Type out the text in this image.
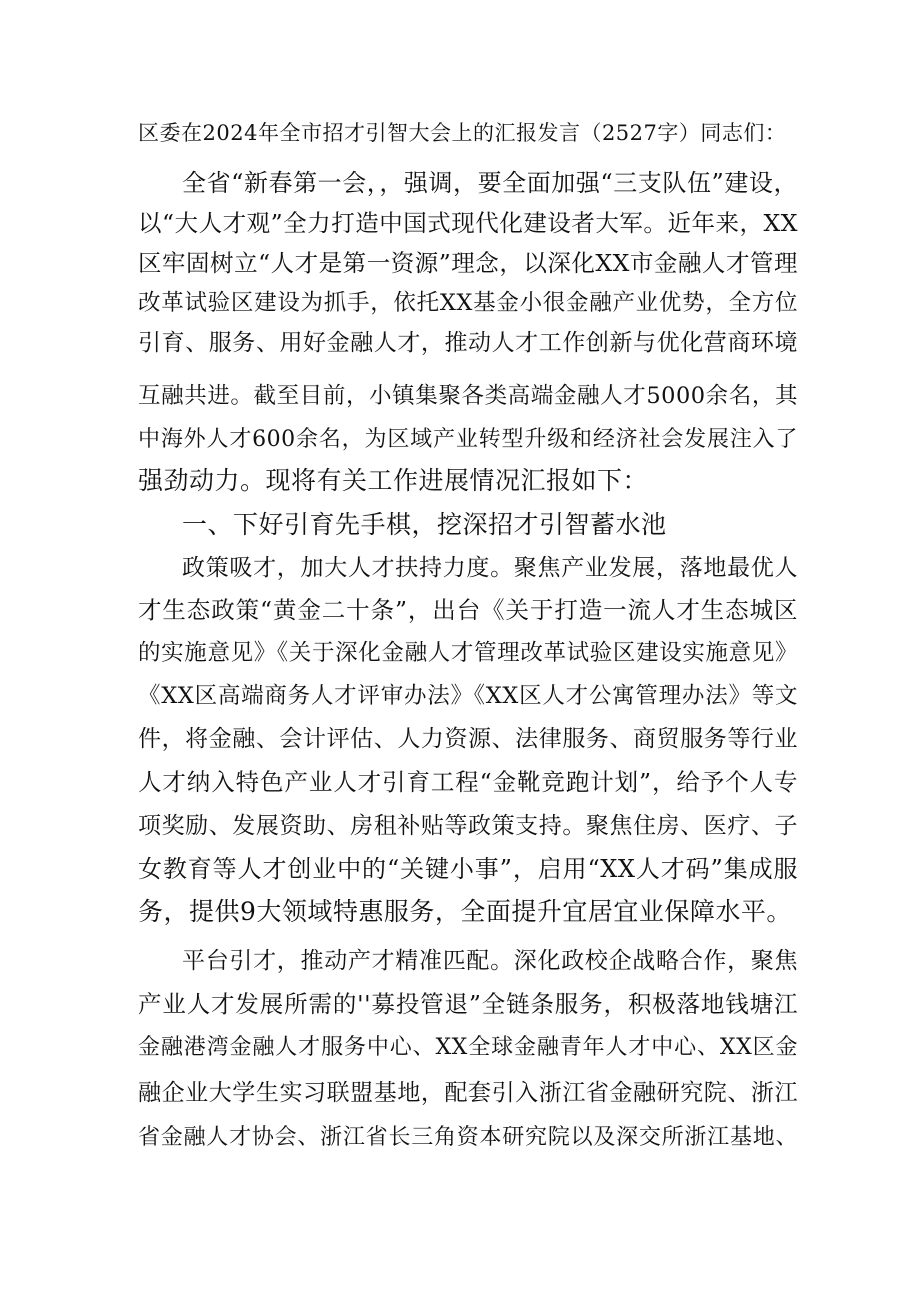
区委在2024年全市招才引智大会上的汇报发言（2527字）同志们：
全省“新春第一会，，强调，要全面加强“三支队伍”建设，
以“大人才观”全力打造中国式现代化建设者大军。近年来，XX
区牢固树立“人才是第一资源”理念，以深化XX市金融人才管理
改革试验区建设为抓手，依托XX基金小很金融产业优势，全方位
引育、服务、用好金融人才，推动人才工作创新与优化营商环境
互融共进。截至目前，小镇集聚各类高端金融人才5000余名，其
中海外人才600余名，为区域产业转型升级和经济社会发展注入了
强劲动力。现将有关工作进展情况汇报如下：
一、下好引育先手棋，挖深招才引智蓄水池
政策吸才，加大人才扶持力度。聚焦产业发展，落地最优人
才生态政策“黄金二十条”，出台《关于打造一流人才生态城区
的实施意见》《关于深化金融人才管理改革试验区建设实施意见》
《XX区高端商务人才评审办法》《XX区人才公寓管理办法》等文
件，将金融、会计评估、人力资源、法律服务、商贸服务等行业
人才纳入特色产业人才引育工程“金靴竞跑计划”，给予个人专
项奖励、发展资助、房租补贴等政策支持。聚焦住房、医疗、子
女教育等人才创业中的“关键小事”，启用“XX人才码”集成服
务，提供9大领域特惠服务，全面提升宜居宜业保障水平。
平台引才，推动产才精准匹配。深化政校企战略合作，聚焦
产业人才发展所需的''募投管退”全链条服务，积极落地钱塘江
金融港湾金融人才服务中心、XX全球金融青年人才中心、XX区金
融企业大学生实习联盟基地，配套引入浙江省金融研究院、浙江
省金融人才协会、浙江省长三角资本研究院以及深交所浙江基地、
